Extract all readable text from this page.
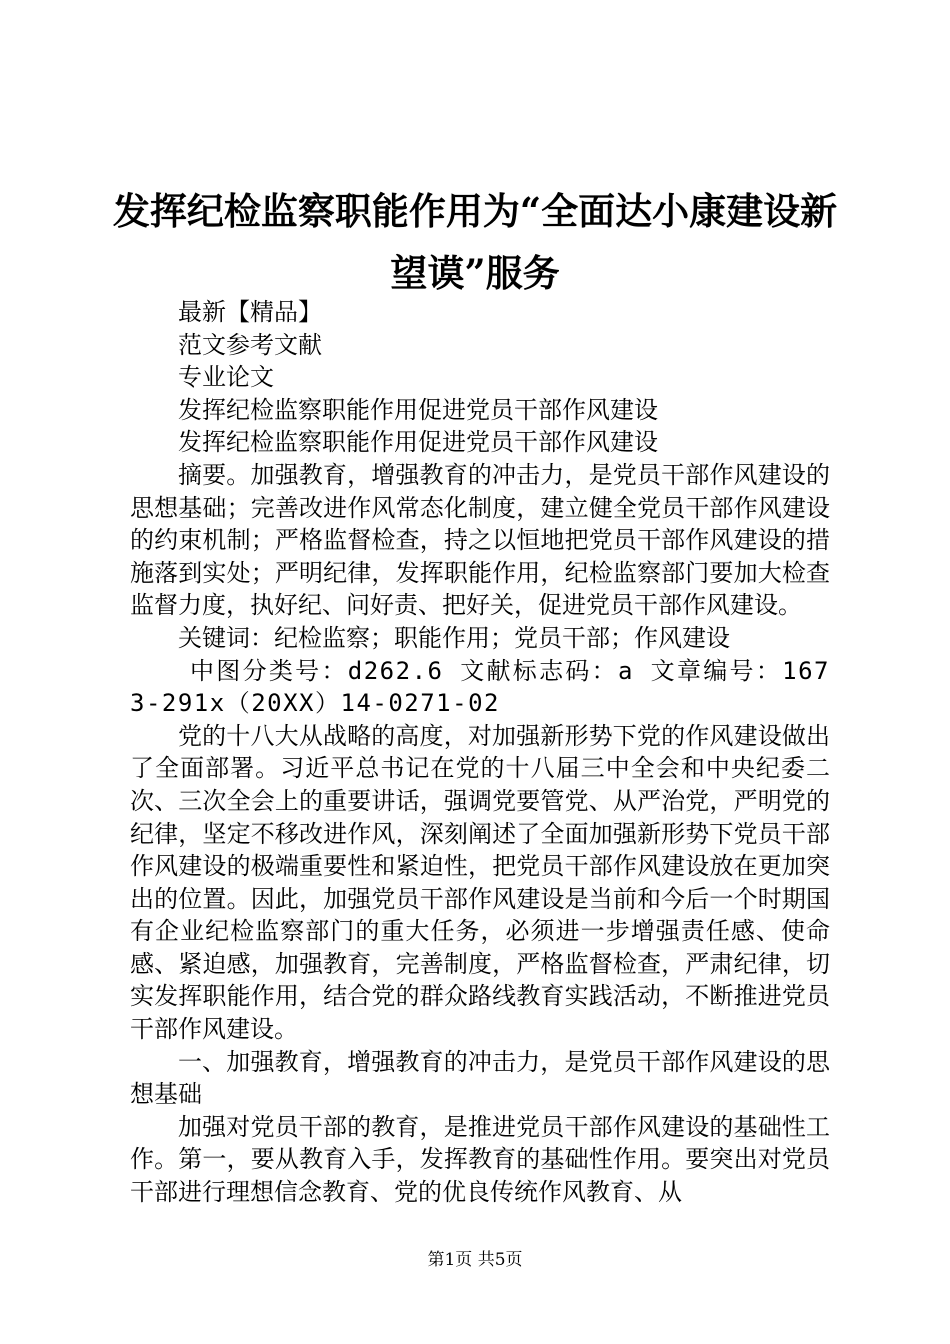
发挥纪检监察职能作用为“全面达小康建设新望谟”服务

最新【精品】

范文参考文献

专业论文

发挥纪检监察职能作用促进党员干部作风建设

发挥纪检监察职能作用促进党员干部作风建设

摘要。加强教育，增强教育的冲击力，是党员干部作风建设的思想基础；完善改进作风常态化制度，建立健全党员干部作风建设的约束机制；严格监督检查，持之以恒地把党员干部作风建设的措施落到实处；严明纪律，发挥职能作用，纪检监察部门要加大检查监督力度，执好纪、问好责、把好关，促进党员干部作风建设。

关键词：纪检监察；职能作用；党员干部；作风建设

中图分类号：d262.6 文献标志码：a 文章编号：1673-291x（20XX）14-0271-02

党的十八大从战略的高度，对加强新形势下党的作风建设做出了全面部署。习近平总书记在党的十八届三中全会和中央纪委二次、三次全会上的重要讲话，强调党要管党、从严治党，严明党的纪律，坚定不移改进作风，深刻阐述了全面加强新形势下党员干部作风建设的极端重要性和紧迫性，把党员干部作风建设放在更加突出的位置。因此，加强党员干部作风建设是当前和今后一个时期国有企业纪检监察部门的重大任务，必须进一步增强责任感、使命感、紧迫感，加强教育，完善制度，严格监督检查，严肃纪律，切实发挥职能作用，结合党的群众路线教育实践活动，不断推进党员干部作风建设。

一、加强教育，增强教育的冲击力，是党员干部作风建设的思想基础

加强对党员干部的教育，是推进党员干部作风建设的基础性工作。第一，要从教育入手，发挥教育的基础性作用。要突出对党员干部进行理想信念教育、党的优良传统作风教育、从

第1页 共5页
